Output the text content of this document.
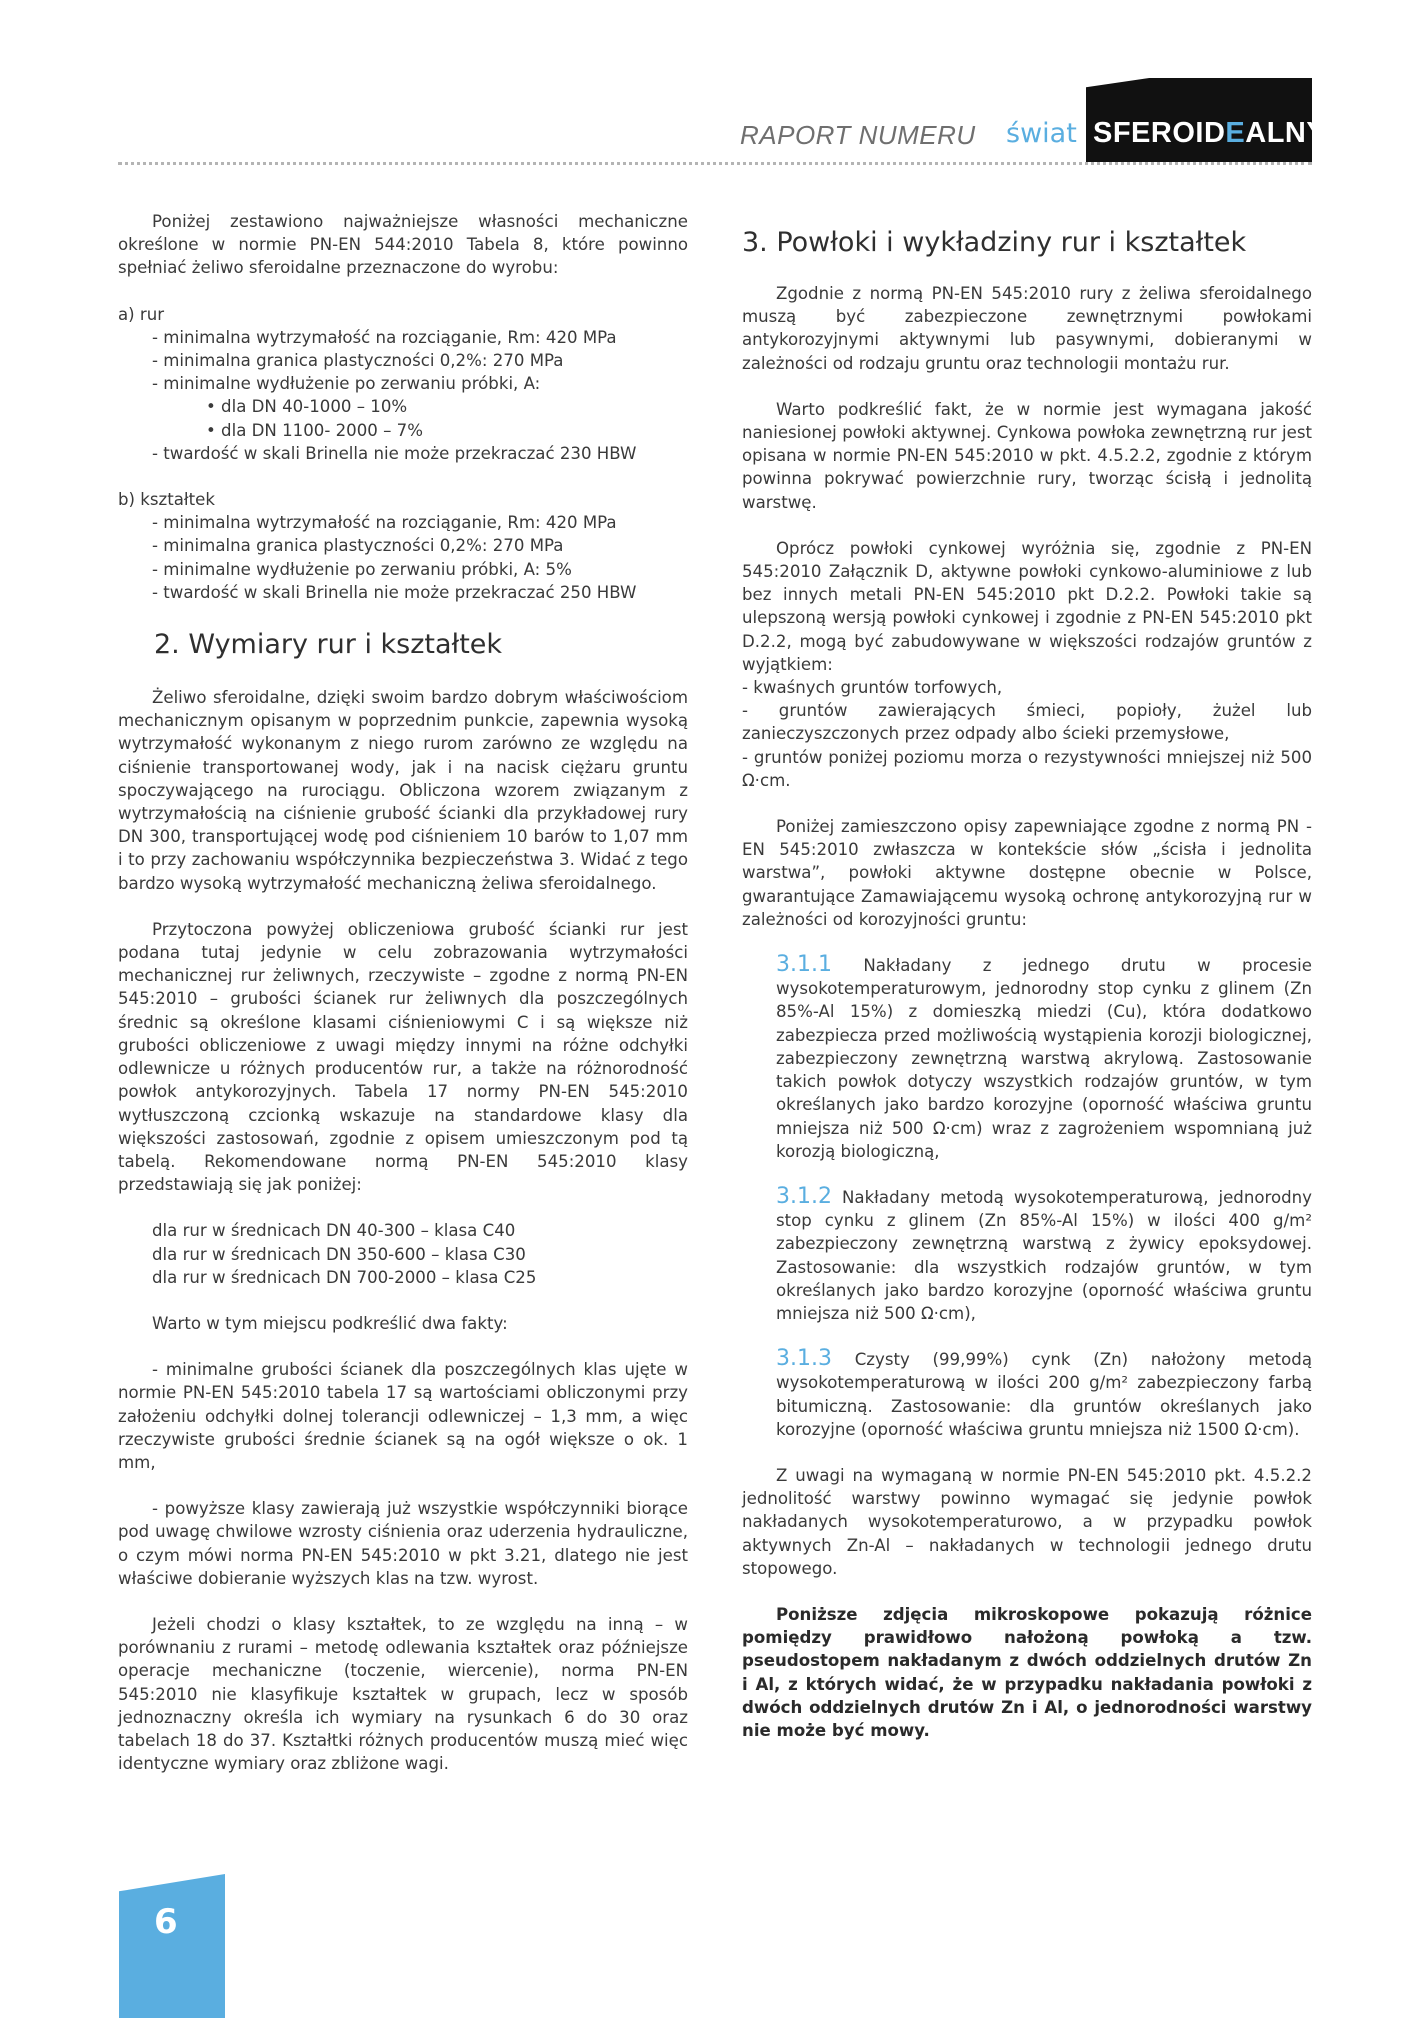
RAPORT NUMERU świat SFEROIDEALNY

Poniżej zestawiono najważniejsze własności mechaniczne określone w normie PN-EN 544:2010 Tabela 8, które powinno spełniać żeliwo sferoidalne przeznaczone do wyrobu:

a) rur

- minimalna wytrzymałość na rozciąganie, Rm: 420 MPa

- minimalna granica plastyczności 0,2%: 270 MPa

- minimalne wydłużenie po zerwaniu próbki, A:

• dla DN 40-1000 – 10%

• dla DN 1100- 2000 – 7%

- twardość w skali Brinella nie może przekraczać 230 HBW

b) kształtek

- minimalna wytrzymałość na rozciąganie, Rm: 420 MPa

- minimalna granica plastyczności 0,2%: 270 MPa

- minimalne wydłużenie po zerwaniu próbki, A: 5%

- twardość w skali Brinella nie może przekraczać 250 HBW

2. Wymiary rur i kształtek

Żeliwo sferoidalne, dzięki swoim bardzo dobrym właściwościom mechanicznym opisanym w poprzednim punkcie, zapewnia wysoką wytrzymałość wykonanym z niego rurom zarówno ze względu na ciśnienie transportowanej wody, jak i na nacisk ciężaru gruntu spoczywającego na rurociągu. Obliczona wzorem związanym z wytrzymałością na ciśnienie grubość ścianki dla przykładowej rury DN 300, transportującej wodę pod ciśnieniem 10 barów to 1,07 mm i to przy zachowaniu współczynnika bezpieczeństwa 3. Widać z tego bardzo wysoką wytrzymałość mechaniczną żeliwa sferoidalnego.

Przytoczona powyżej obliczeniowa grubość ścianki rur jest podana tutaj jedynie w celu zobrazowania wytrzymałości mechanicznej rur żeliwnych, rzeczywiste – zgodne z normą PN-EN 545:2010 – grubości ścianek rur żeliwnych dla poszczególnych średnic są określone klasami ciśnieniowymi C i są większe niż grubości obliczeniowe z uwagi między innymi na różne odchyłki odlewnicze u różnych producentów rur, a także na różnorodność powłok antykorozyjnych. Tabela 17 normy PN-EN 545:2010 wytłuszczoną czcionką wskazuje na standardowe klasy dla większości zastosowań, zgodnie z opisem umieszczonym pod tą tabelą. Rekomendowane normą PN-EN 545:2010 klasy przedstawiają się jak poniżej:

dla rur w średnicach DN 40-300 – klasa C40

dla rur w średnicach DN 350-600 – klasa C30

dla rur w średnicach DN 700-2000 – klasa C25

Warto w tym miejscu podkreślić dwa fakty:

- minimalne grubości ścianek dla poszczególnych klas ujęte w normie PN-EN 545:2010 tabela 17 są wartościami obliczonymi przy założeniu odchyłki dolnej tolerancji odlewniczej – 1,3 mm, a więc rzeczywiste grubości średnie ścianek są na ogół większe o ok. 1 mm,

- powyższe klasy zawierają już wszystkie współczynniki biorące pod uwagę chwilowe wzrosty ciśnienia oraz uderzenia hydrauliczne, o czym mówi norma PN-EN 545:2010 w pkt 3.21, dlatego nie jest właściwe dobieranie wyższych klas na tzw. wyrost.

Jeżeli chodzi o klasy kształtek, to ze względu na inną – w porównaniu z rurami – metodę odlewania kształtek oraz późniejsze operacje mechaniczne (toczenie, wiercenie), norma PN-EN 545:2010 nie klasyfikuje kształtek w grupach, lecz w sposób jednoznaczny określa ich wymiary na rysunkach 6 do 30 oraz tabelach 18 do 37. Kształtki różnych producentów muszą mieć więc identyczne wymiary oraz zbliżone wagi.

3. Powłoki i wykładziny rur i kształtek

Zgodnie z normą PN-EN 545:2010 rury z żeliwa sferoidalnego muszą być zabezpieczone zewnętrznymi powłokami antykorozyjnymi aktywnymi lub pasywnymi, dobieranymi w zależności od rodzaju gruntu oraz technologii montażu rur.

Warto podkreślić fakt, że w normie jest wymagana jakość naniesionej powłoki aktywnej. Cynkowa powłoka zewnętrzną rur jest opisana w normie PN-EN 545:2010 w pkt. 4.5.2.2, zgodnie z którym powinna pokrywać powierzchnie rury, tworząc ścisłą i jednolitą warstwę.

Oprócz powłoki cynkowej wyróżnia się, zgodnie z PN-EN 545:2010 Załącznik D, aktywne powłoki cynkowo-aluminiowe z lub bez innych metali PN-EN 545:2010 pkt D.2.2. Powłoki takie są ulepszoną wersją powłoki cynkowej i zgodnie z PN-EN 545:2010 pkt D.2.2, mogą być zabudowywane w większości rodzajów gruntów z wyjątkiem:

- kwaśnych gruntów torfowych,

- gruntów zawierających śmieci, popioły, żużel lub zanieczyszczonych przez odpady albo ścieki przemysłowe,

- gruntów poniżej poziomu morza o rezystywności mniejszej niż 500 Ω·cm.

Poniżej zamieszczono opisy zapewniające zgodne z normą PN -EN 545:2010 zwłaszcza w kontekście słów „ścisła i jednolita warstwa”, powłoki aktywne dostępne obecnie w Polsce, gwarantujące Zamawiającemu wysoką ochronę antykorozyjną rur w zależności od korozyjności gruntu:

3.1.1 Nakładany z jednego drutu w procesie wysokotemperaturowym, jednorodny stop cynku z glinem (Zn 85%-Al 15%) z domieszką miedzi (Cu), która dodatkowo zabezpiecza przed możliwością wystąpienia korozji biologicznej, zabezpieczony zewnętrzną warstwą akrylową. Zastosowanie takich powłok dotyczy wszystkich rodzajów gruntów, w tym określanych jako bardzo korozyjne (oporność właściwa gruntu mniejsza niż 500 Ω·cm) wraz z zagrożeniem wspomnianą już korozją biologiczną,

3.1.2 Nakładany metodą wysokotemperaturową, jednorodny stop cynku z glinem (Zn 85%-Al 15%) w ilości 400 g/m² zabezpieczony zewnętrzną warstwą z żywicy epoksydowej. Zastosowanie: dla wszystkich rodzajów gruntów, w tym określanych jako bardzo korozyjne (oporność właściwa gruntu mniejsza niż 500 Ω·cm),

3.1.3 Czysty (99,99%) cynk (Zn) nałożony metodą wysokotemperaturową w ilości 200 g/m² zabezpieczony farbą bitumiczną. Zastosowanie: dla gruntów określanych jako korozyjne (oporność właściwa gruntu mniejsza niż 1500 Ω·cm).

Z uwagi na wymaganą w normie PN-EN 545:2010 pkt. 4.5.2.2 jednolitość warstwy powinno wymagać się jedynie powłok nakładanych wysokotemperaturowo, a w przypadku powłok aktywnych Zn-Al – nakładanych w technologii jednego drutu stopowego.

Poniższe zdjęcia mikroskopowe pokazują różnice pomiędzy prawidłowo nałożoną powłoką a tzw. pseudostopem nakładanym z dwóch oddzielnych drutów Zn i Al, z których widać, że w przypadku nakładania powłoki z dwóch oddzielnych drutów Zn i Al, o jednorodności warstwy nie może być mowy.

6
